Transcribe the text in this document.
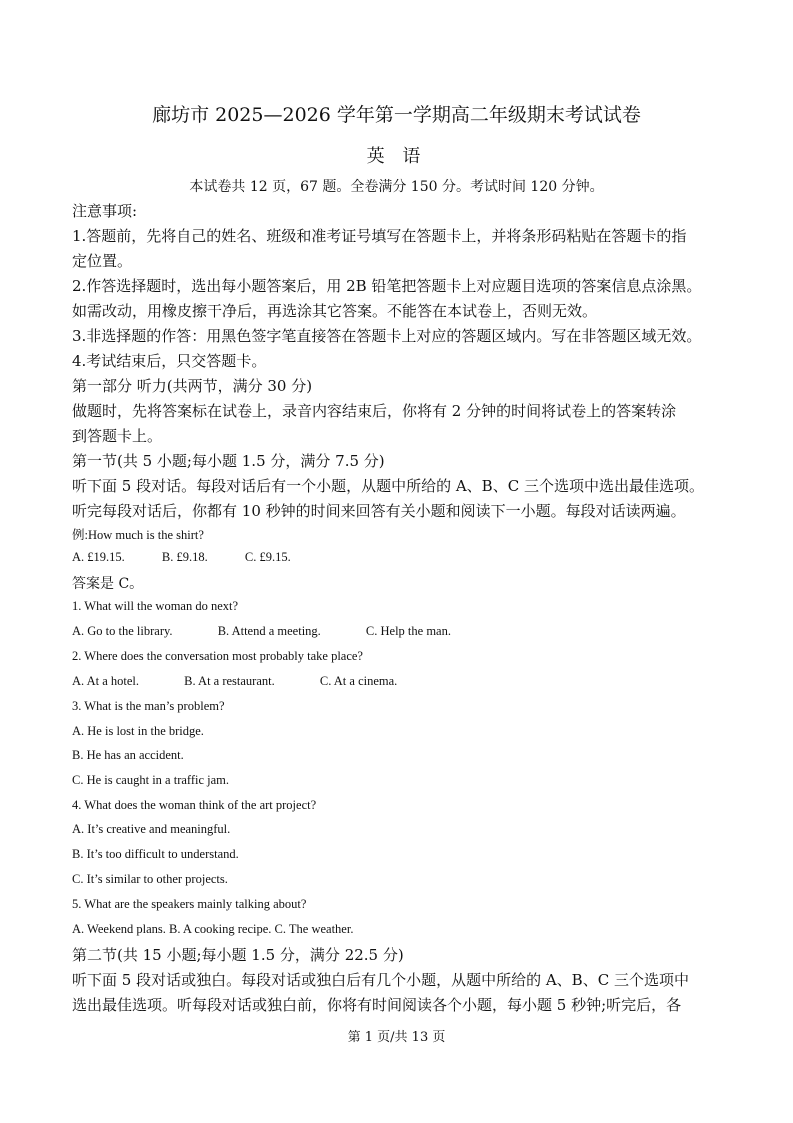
廊坊市 2025—2026 学年第一学期高二年级期末考试试卷
英 语
本试卷共 12 页，67 题。全卷满分 150 分。考试时间 120 分钟。
注意事项:
1.答题前，先将自己的姓名、班级和准考证号填写在答题卡上，并将条形码粘贴在答题卡的指
定位置。
2.作答选择题时，选出每小题答案后，用 2B 铅笔把答题卡上对应题目选项的答案信息点涂黑。
如需改动，用橡皮擦干净后，再选涂其它答案。不能答在本试卷上，否则无效。
3.非选择题的作答：用黑色签字笔直接答在答题卡上对应的答题区域内。写在非答题区域无效。
4.考试结束后，只交答题卡。
第一部分 听力(共两节，满分 30 分)
做题时，先将答案标在试卷上，录音内容结束后，你将有 2 分钟的时间将试卷上的答案转涂
到答题卡上。
第一节(共 5 小题;每小题 1.5 分，满分 7.5 分)
听下面 5 段对话。每段对话后有一个小题，从题中所给的 A、B、C 三个选项中选出最佳选项。
听完每段对话后，你都有 10 秒钟的时间来回答有关小题和阅读下一小题。每段对话读两遍。
例:How much is the shirt?
A. £19.15.	B. £9.18.	C. £9.15.
答案是 C。
1. What will the woman do next?
A. Go to the library.	B. Attend a meeting.	C. Help the man.
2. Where does the conversation most probably take place?
A. At a hotel.	B. At a restaurant.	C. At a cinema.
3. What is the man’s problem?
A. He is lost in the bridge.
B. He has an accident.
C. He is caught in a traffic jam.
4. What does the woman think of the art project?
A. It’s creative and meaningful.
B. It’s too difficult to understand.
C. It’s similar to other projects.
5. What are the speakers mainly talking about?
A. Weekend plans. B. A cooking recipe. C. The weather.
第二节(共 15 小题;每小题 1.5 分，满分 22.5 分)
听下面 5 段对话或独白。每段对话或独白后有几个小题，从题中所给的 A、B、C 三个选项中
选出最佳选项。听每段对话或独白前，你将有时间阅读各个小题，每小题 5 秒钟;听完后，各
第 1 页/共 13 页
